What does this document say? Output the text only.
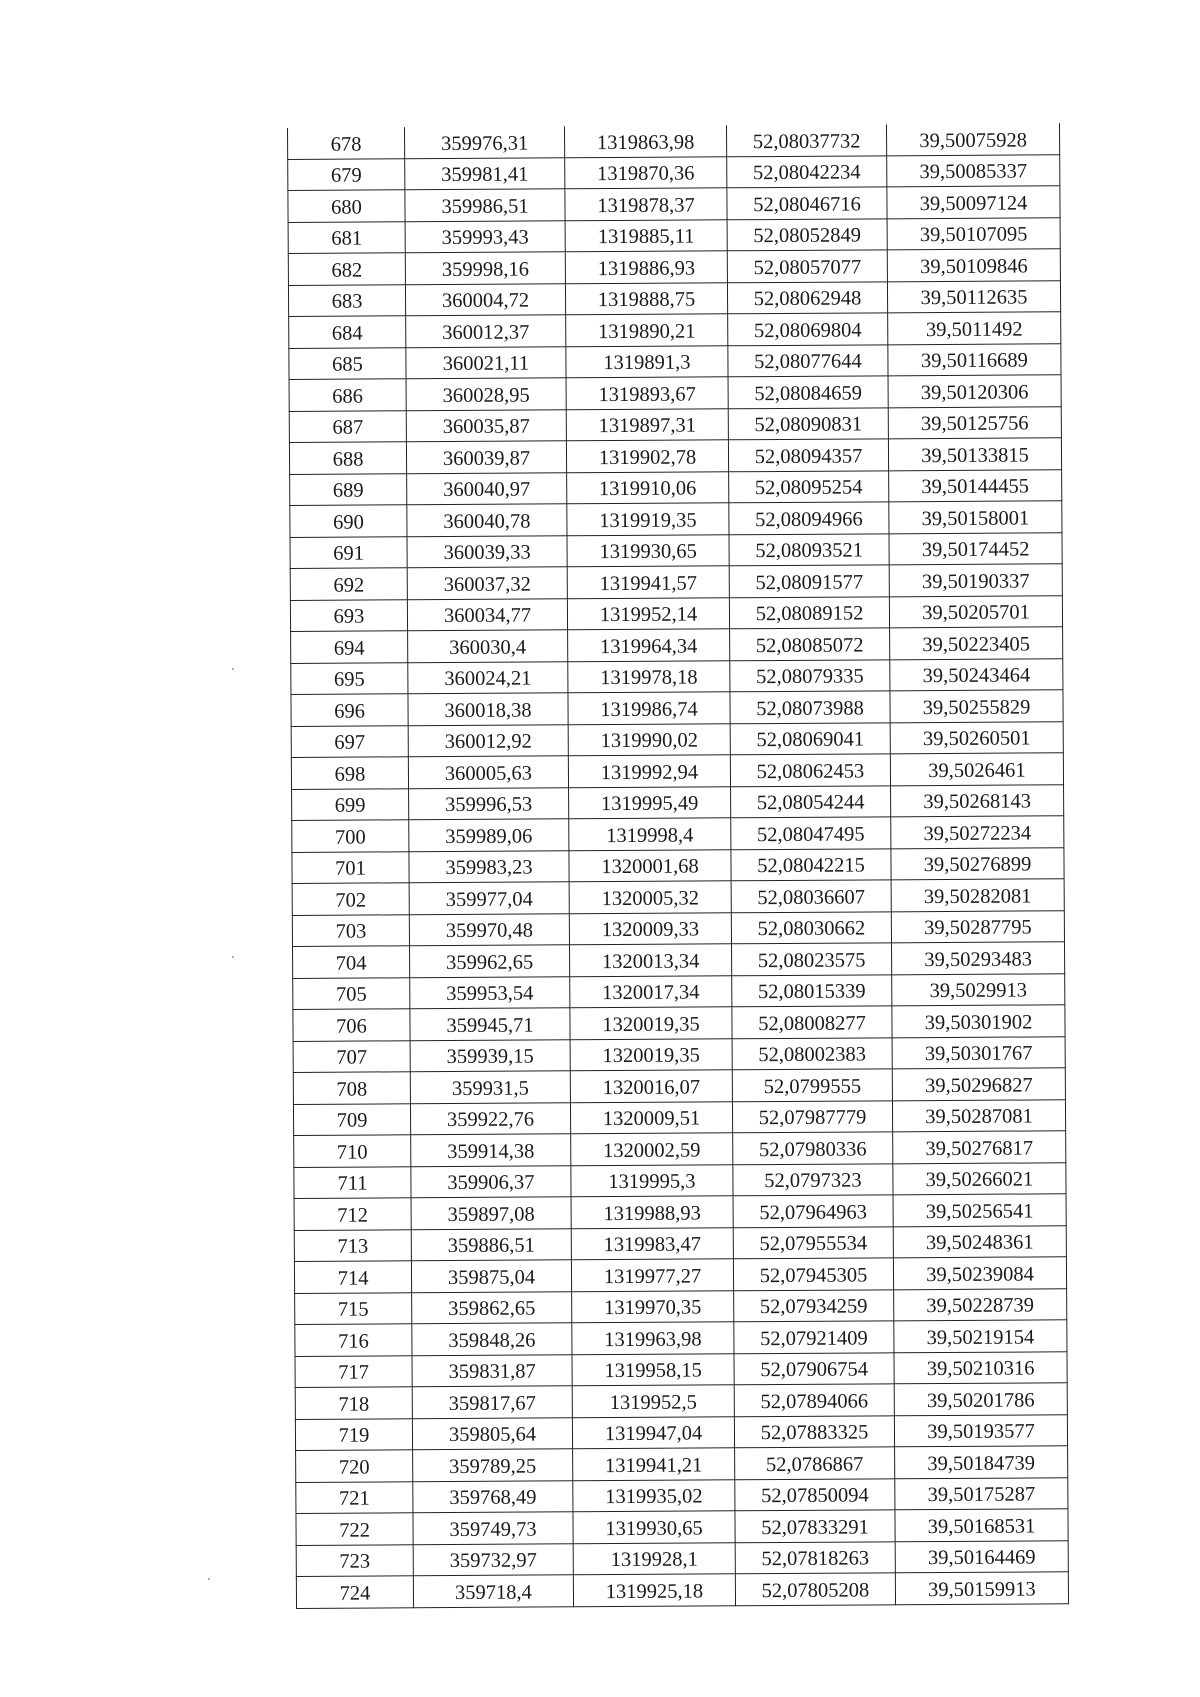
678	359976,31	1319863,98	52,08037732	39,50075928
679	359981,41	1319870,36	52,08042234	39,50085337
680	359986,51	1319878,37	52,08046716	39,50097124
681	359993,43	1319885,11	52,08052849	39,50107095
682	359998,16	1319886,93	52,08057077	39,50109846
683	360004,72	1319888,75	52,08062948	39,50112635
684	360012,37	1319890,21	52,08069804	39,5011492
685	360021,11	1319891,3	52,08077644	39,50116689
686	360028,95	1319893,67	52,08084659	39,50120306
687	360035,87	1319897,31	52,08090831	39,50125756
688	360039,87	1319902,78	52,08094357	39,50133815
689	360040,97	1319910,06	52,08095254	39,50144455
690	360040,78	1319919,35	52,08094966	39,50158001
691	360039,33	1319930,65	52,08093521	39,50174452
692	360037,32	1319941,57	52,08091577	39,50190337
693	360034,77	1319952,14	52,08089152	39,50205701
694	360030,4	1319964,34	52,08085072	39,50223405
695	360024,21	1319978,18	52,08079335	39,50243464
696	360018,38	1319986,74	52,08073988	39,50255829
697	360012,92	1319990,02	52,08069041	39,50260501
698	360005,63	1319992,94	52,08062453	39,5026461
699	359996,53	1319995,49	52,08054244	39,50268143
700	359989,06	1319998,4	52,08047495	39,50272234
701	359983,23	1320001,68	52,08042215	39,50276899
702	359977,04	1320005,32	52,08036607	39,50282081
703	359970,48	1320009,33	52,08030662	39,50287795
704	359962,65	1320013,34	52,08023575	39,50293483
705	359953,54	1320017,34	52,08015339	39,5029913
706	359945,71	1320019,35	52,08008277	39,50301902
707	359939,15	1320019,35	52,08002383	39,50301767
708	359931,5	1320016,07	52,0799555	39,50296827
709	359922,76	1320009,51	52,07987779	39,50287081
710	359914,38	1320002,59	52,07980336	39,50276817
711	359906,37	1319995,3	52,0797323	39,50266021
712	359897,08	1319988,93	52,07964963	39,50256541
713	359886,51	1319983,47	52,07955534	39,50248361
714	359875,04	1319977,27	52,07945305	39,50239084
715	359862,65	1319970,35	52,07934259	39,50228739
716	359848,26	1319963,98	52,07921409	39,50219154
717	359831,87	1319958,15	52,07906754	39,50210316
718	359817,67	1319952,5	52,07894066	39,50201786
719	359805,64	1319947,04	52,07883325	39,50193577
720	359789,25	1319941,21	52,0786867	39,50184739
721	359768,49	1319935,02	52,07850094	39,50175287
722	359749,73	1319930,65	52,07833291	39,50168531
723	359732,97	1319928,1	52,07818263	39,50164469
724	359718,4	1319925,18	52,07805208	39,50159913
